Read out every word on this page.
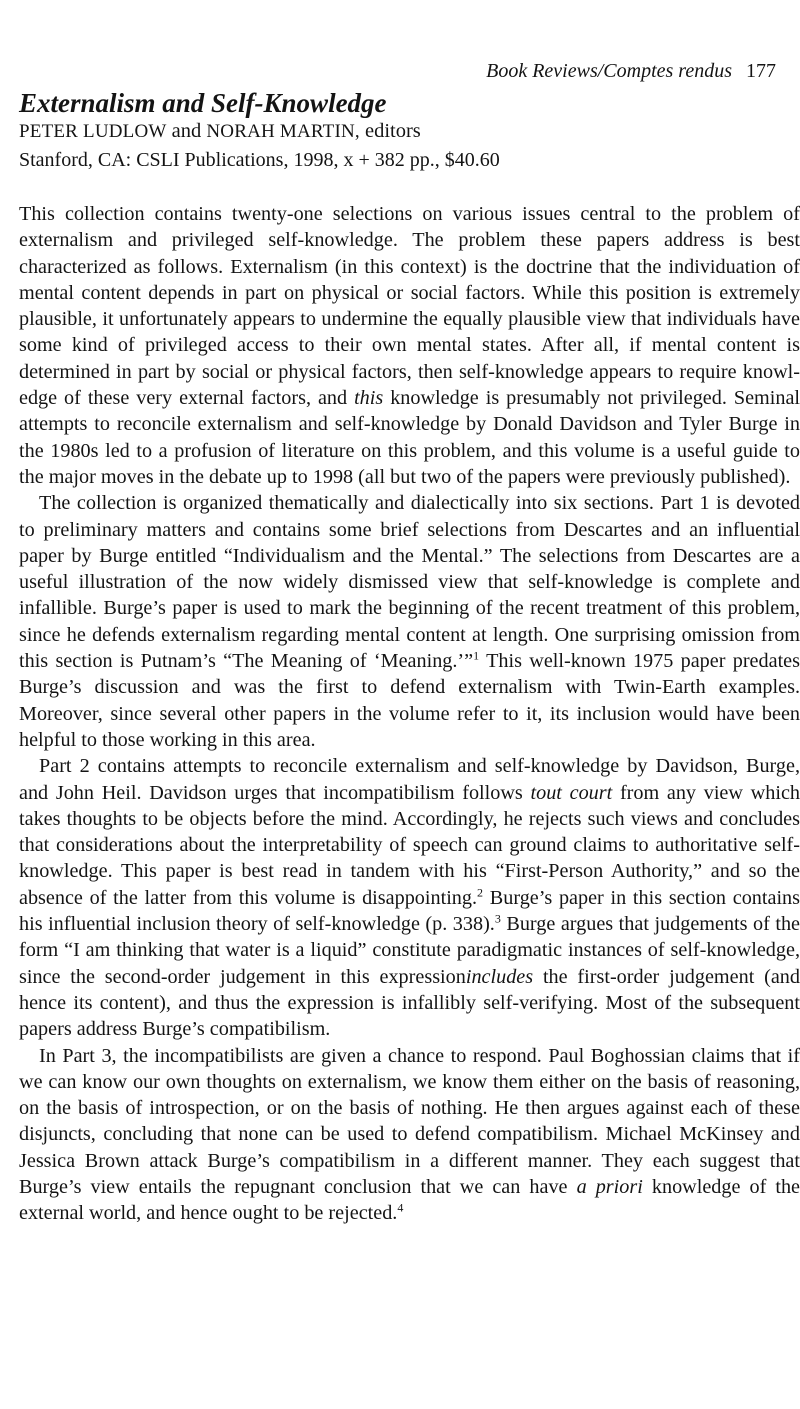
Book Reviews/Comptes rendus 177
Externalism and Self-Knowledge
PETER LUDLOW and NORAH MARTIN, editors
Stanford, CA: CSLI Publications, 1998, x + 382 pp., $40.60

This collection contains twenty-one selections on various issues central to the problem of externalism and privileged self-knowledge. The problem these papers address is best characterized as follows. Externalism (in this context) is the doctrine that the individuation of mental content depends in part on physical or social factors. While this position is extremely plausible, it unfortunately appears to undermine the equally plausible view that individuals have some kind of privileged access to their own mental states. After all, if mental content is determined in part by social or physical factors, then self-knowledge appears to require knowledge of these very external factors, and this knowledge is presumably not privileged. Seminal attempts to reconcile externalism and self-knowledge by Donald Davidson and Tyler Burge in the 1980s led to a profusion of literature on this problem, and this volume is a useful guide to the major moves in the debate up to 1998 (all but two of the papers were previously published).

The collection is organized thematically and dialectically into six sections. Part 1 is devoted to preliminary matters and contains some brief selections from Descartes and an influential paper by Burge entitled “Individualism and the Mental.” The selections from Descartes are a useful illustration of the now widely dismissed view that self-knowledge is complete and infallible. Burge’s paper is used to mark the beginning of the recent treatment of this problem, since he defends externalism regarding mental content at length. One surprising omission from this section is Putnam’s “The Meaning of ‘Meaning.’”$^1$ This well-known 1975 paper predates Burge’s discussion and was the first to defend externalism with Twin-Earth examples. Moreover, since several other papers in the volume refer to it, its inclusion would have been helpful to those working in this area.

Part 2 contains attempts to reconcile externalism and self-knowledge by Davidson, Burge, and John Heil. Davidson urges that incompatibilism follows tout court from any view which takes thoughts to be objects before the mind. Accordingly, he rejects such views and concludes that considerations about the interpretability of speech can ground claims to authoritative self-knowledge. This paper is best read in tandem with his “First-Person Authority,” and so the absence of the latter from this volume is disappointing.$^2$ Burge’s paper in this section contains his influential inclusion theory of self-knowledge (p. 338).$^3$ Burge argues that judgements of the form “I am thinking that water is a liquid” constitute paradigmatic instances of self-knowledge, since the second-order judgement in this expressionincludes the first-order judgement (and hence its content), and thus the expression is infallibly self-verifying. Most of the subsequent papers address Burge’s compatibilism.

In Part 3, the incompatibilists are given a chance to respond. Paul Boghossian claims that if we can know our own thoughts on externalism, we know them either on the basis of reasoning, on the basis of introspection, or on the basis of nothing. He then argues against each of these disjuncts, concluding that none can be used to defend compatibilism. Michael McKinsey and Jessica Brown attack Burge’s compatibilism in a different manner. They each suggest that Burge’s view entails the repugnant conclusion that we can have a priori knowledge of the external world, and hence ought to be rejected.$^4$
